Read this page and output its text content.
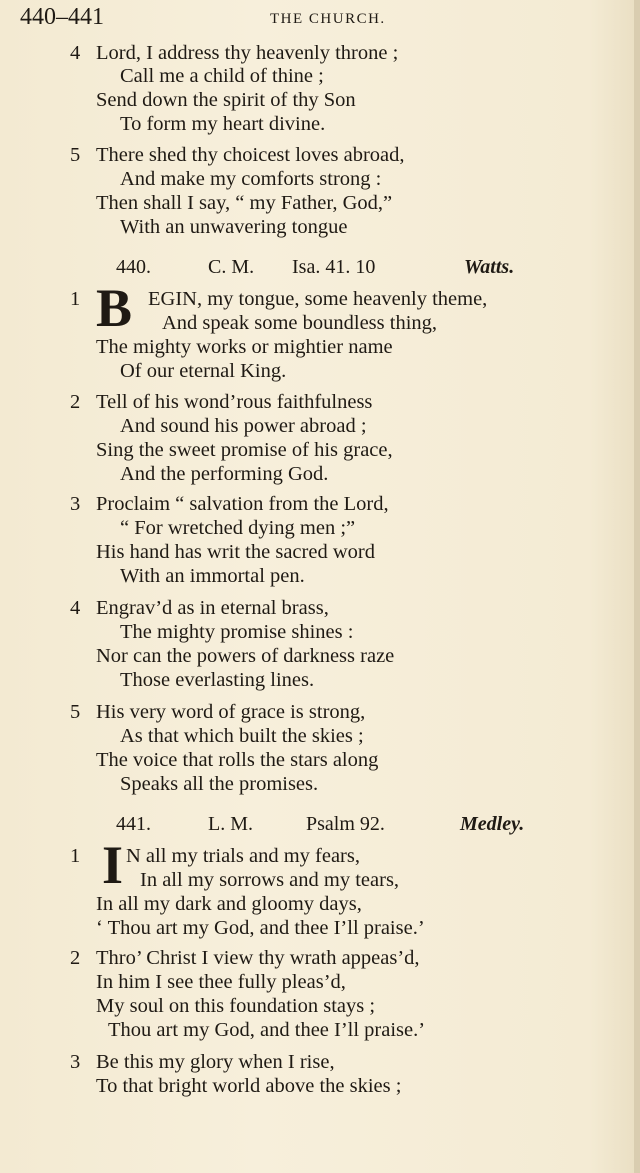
440–441	THE CHURCH.
4 Lord, I address thy heavenly throne ;
Call me a child of thine ;
Send down the spirit of thy Son
To form my heart divine.
5 There shed thy choicest loves abroad,
And make my comforts strong :
Then shall I say, “ my Father, God,”
With an unwavering tongue
440.	C. M. Isa. 41. 10	Watts.
1 B EGIN, my tongue, some heavenly theme,
And speak some boundless thing,
The mighty works or mightier name
Of our eternal King.
2 Tell of his wond’rous faithfulness
And sound his power abroad ;
Sing the sweet promise of his grace,
And the performing God.
3 Proclaim “ salvation from the Lord,
“ For wretched dying men ;”
His hand has writ the sacred word
With an immortal pen.
4 Engrav’d as in eternal brass,
The mighty promise shines :
Nor can the powers of darkness raze
Those everlasting lines.
5 His very word of grace is strong,
As that which built the skies ;
The voice that rolls the stars along
Speaks all the promises.
441.	L. M.	Psalm 92.	Medley.
1 I N all my trials and my fears,
In all my sorrows and my tears,
In all my dark and gloomy days,
‘ Thou art my God, and thee I’ll praise.’
2 Thro’ Christ I view thy wrath appeas’d,
In him I see thee fully pleas’d,
My soul on this foundation stays ;
Thou art my God, and thee I’ll praise.’
3 Be this my glory when I rise,
To that bright world above the skies ;
